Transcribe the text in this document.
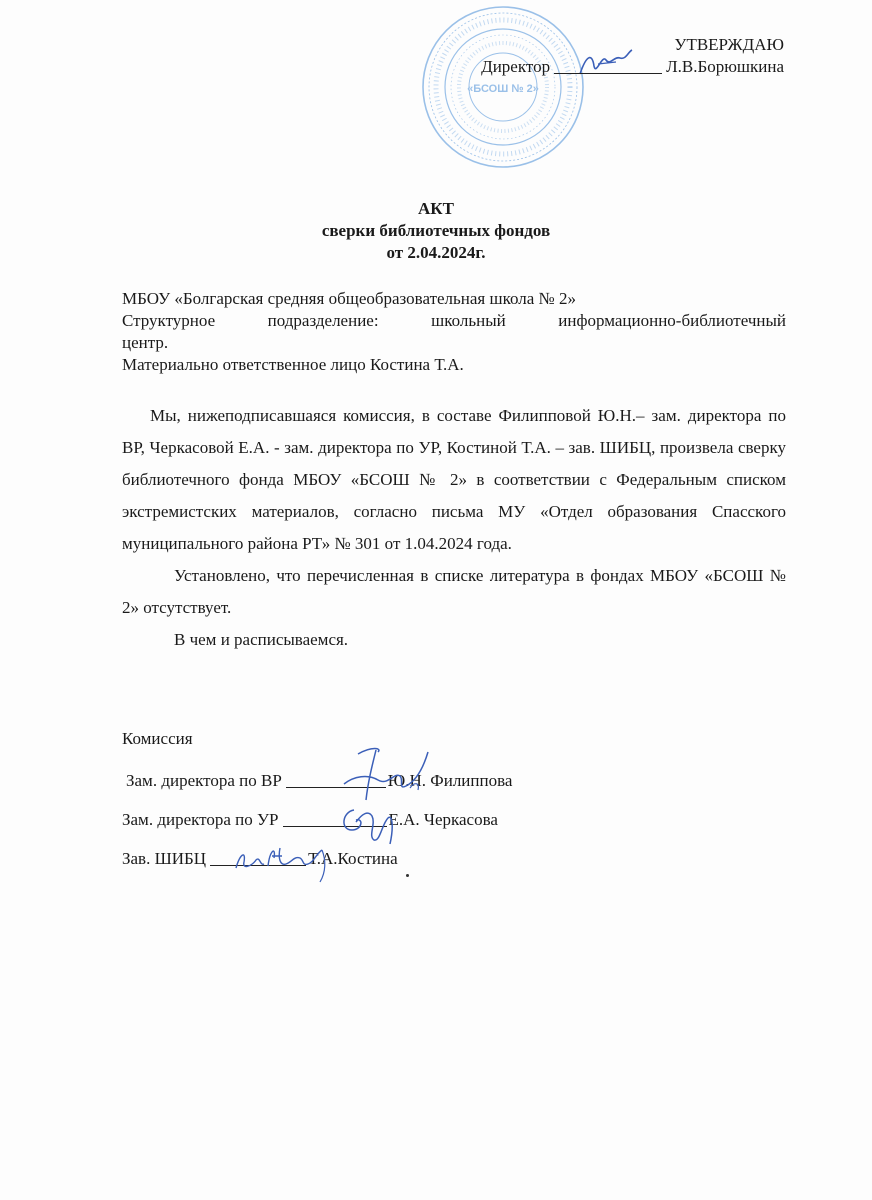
«БСОШ № 2»
УТВЕРЖДАЮ
Директор	Л.В.Борюшкина
АКТ
сверки библиотечных фондов
от 2.04.2024г.
МБОУ «Болгарская средняя общеобразовательная школа № 2»
Структурное подразделение: школьный информационно-библиотечный
центр.
Материально ответственное лицо Костина Т.А.

Мы, нижеподписавшаяся комиссия, в составе Филипповой Ю.Н.– зам. директора по ВР, Черкасовой Е.А. - зам. директора по УР, Костиной Т.А. – зав. ШИБЦ, произвела сверку библиотечного фонда МБОУ «БСОШ № 2» в соответствии с Федеральным списком экстремистских материалов, согласно письма МУ «Отдел образования Спасского муниципального района РТ» № 301 от 1.04.2024 года.

Установлено, что перечисленная в списке литература в фондах МБОУ «БСОШ № 2» отсутствует.

В чем и расписываемся.

Комиссия
Зам. директора по ВР	Ю.Н. Филиппова
Зам. директора по УР	Е.А. Черкасова
Зав. ШИБЦ	Т.А.Костина
